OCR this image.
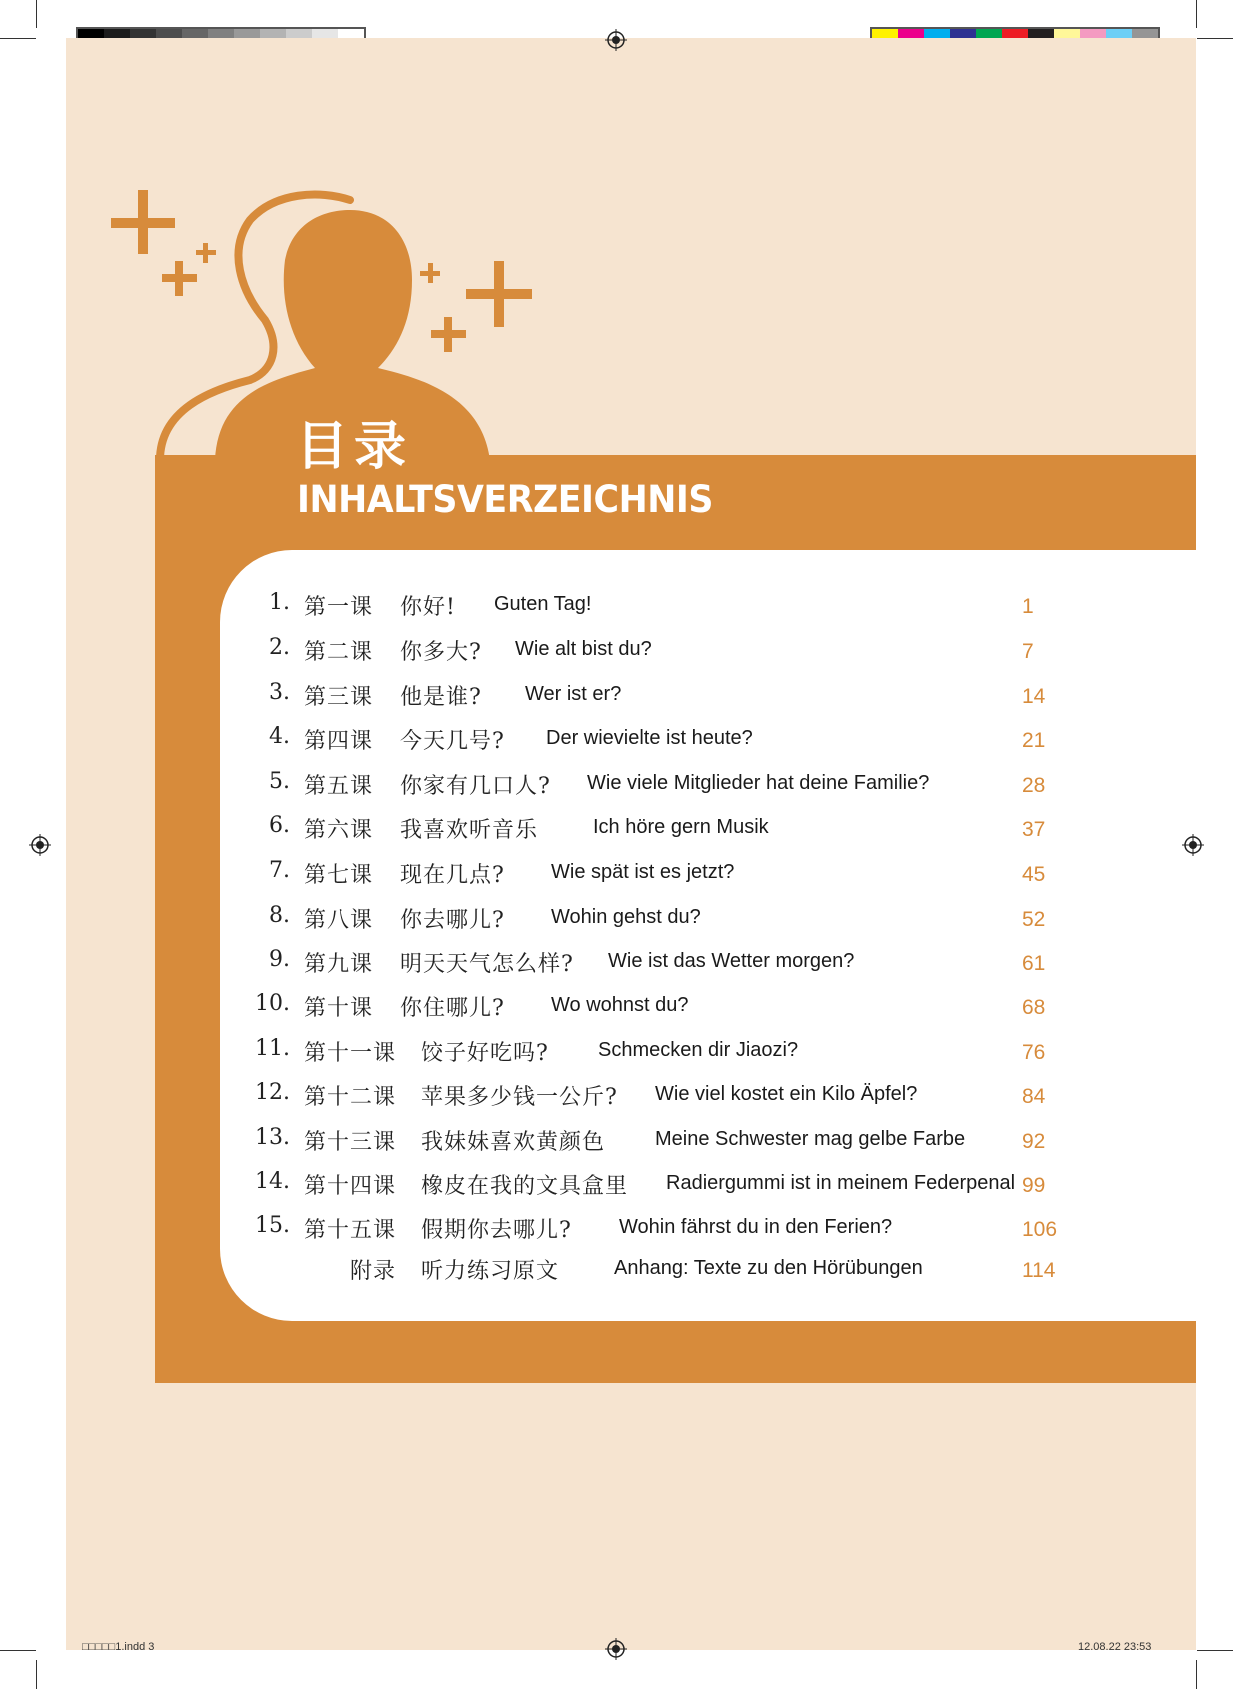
目录
INHALTSVERZEICHNIS
1. 第一课 你好! Guten Tag!	1
2. 第二课 你多大? Wie alt bist du?	7
3. 第三课 他是谁? Wer ist er?	14
4. 第四课 今天几号? Der wievielte ist heute?	21
5. 第五课 你家有几口人? Wie viele Mitglieder hat deine Familie?	28
6. 第六课 我喜欢听音乐	Ich höre gern Musik	37
7. 第七课 现在几点? Wie spät ist es jetzt?	45
8. 第八课 你去哪儿? Wohin gehst du?	52
9. 第九课 明天天气怎么样? Wie ist das Wetter morgen?	61
10. 第十课 你住哪儿? Wo wohnst du?	68
11. 第十一课 饺子好吃吗? Schmecken dir Jiaozi?	76
12. 第十二课 苹果多少钱一公斤? Wie viel kostet ein Kilo Äpfel?	84
13. 第十三课 我妹妹喜欢黄颜色 Meine Schwester mag gelbe Farbe	92
14. 第十四课 橡皮在我的文具盒里 Radiergummi ist in meinem Federpenal 99
15. 第十五课 假期你去哪儿? Wohin fährst du in den Ferien?	106
附录 听力练习原文	Anhang: Texte zu den Hörübungen	114
□□□□□1.indd 3	12.08.22 23:53
